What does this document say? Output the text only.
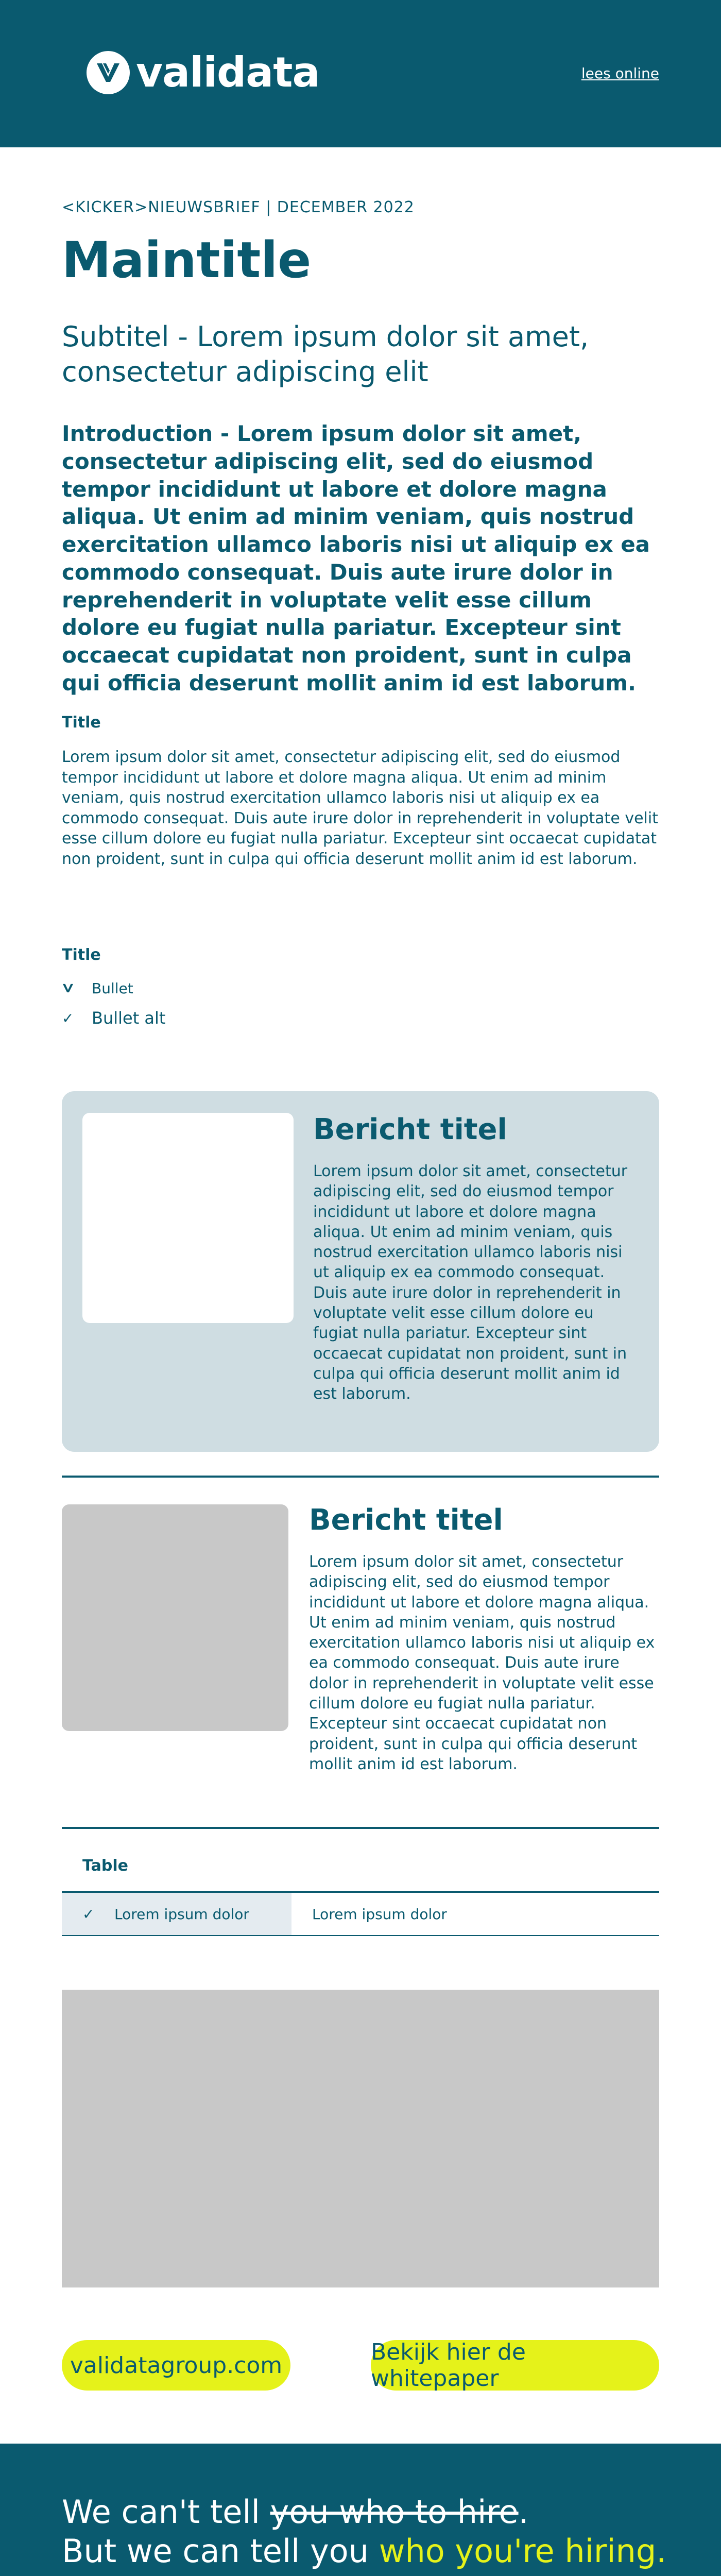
validata	lees online
<KICKER>NIEUWSBRIEF | DECEMBER 2022
Maintitle
Subtitel - Lorem ipsum dolor sit amet, consectetur adipiscing elit
Introduction - Lorem ipsum dolor sit amet, consectetur adipiscing elit, sed do eiusmod tempor incididunt ut labore et dolore magna aliqua. Ut enim ad minim veniam, quis nostrud exercitation ullamco laboris nisi ut aliquip ex ea commodo consequat. Duis aute irure dolor in reprehenderit in voluptate velit esse cillum dolore eu fugiat nulla pariatur. Excepteur sint occaecat cupidatat non proident, sunt in culpa qui officia deserunt mollit anim id est laborum.
Title
Lorem ipsum dolor sit amet, consectetur adipiscing elit, sed do eiusmod tempor incididunt ut labore et dolore magna aliqua. Ut enim ad minim veniam, quis nostrud exercitation ullamco laboris nisi ut aliquip ex ea commodo consequat. Duis aute irure dolor in reprehenderit in voluptate velit esse cillum dolore eu fugiat nulla pariatur. Excepteur sint occaecat cupidatat non proident, sunt in culpa qui officia deserunt mollit anim id est laborum.
Title
Bullet
✓	Bullet alt
Bericht titel
Lorem ipsum dolor sit amet, consectetur adipiscing elit, sed do eiusmod tempor incididunt ut labore et dolore magna aliqua. Ut enim ad minim veniam, quis nostrud exercitation ullamco laboris nisi ut aliquip ex ea commodo consequat. Duis aute irure dolor in reprehenderit in voluptate velit esse cillum dolore eu fugiat nulla pariatur. Excepteur sint occaecat cupidatat non proident, sunt in culpa qui officia deserunt mollit anim id est laborum.
Bericht titel
Lorem ipsum dolor sit amet, consectetur adipiscing elit, sed do eiusmod tempor incididunt ut labore et dolore magna aliqua. Ut enim ad minim veniam, quis nostrud exercitation ullamco laboris nisi ut aliquip ex ea commodo consequat. Duis aute irure dolor in reprehenderit in voluptate velit esse cillum dolore eu fugiat nulla pariatur. Excepteur sint occaecat cupidatat non proident, sunt in culpa qui officia deserunt mollit anim id est laborum.
Table
✓	Lorem ipsum dolor	Lorem ipsum dolor
validatagroup.com	Bekijk hier de whitepaper
We can't tell you who to hire.
But we can tell you who you're hiring.
